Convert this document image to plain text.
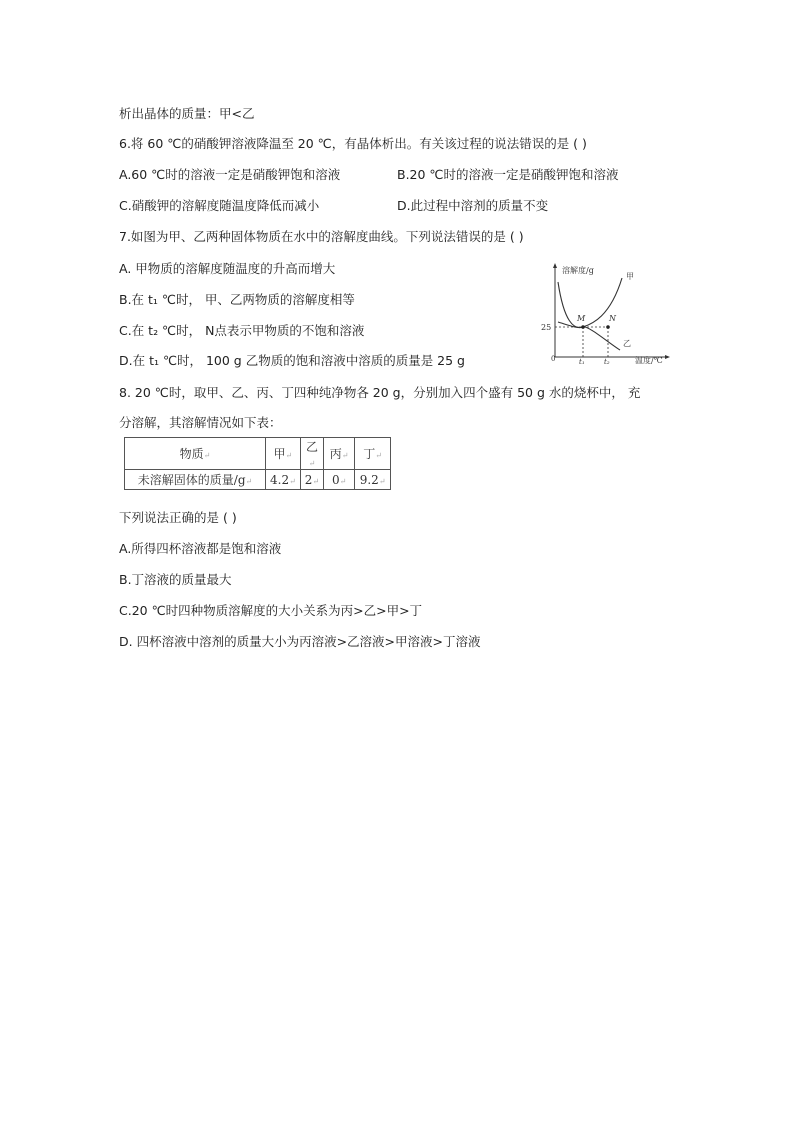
析出晶体的质量：甲<乙
6.将 60 ℃的硝酸钾溶液降温至 20 ℃，有晶体析出。有关该过程的说法错误的是 ( )
A.60 ℃时的溶液一定是硝酸钾饱和溶液	B.20 ℃时的溶液一定是硝酸钾饱和溶液
C.硝酸钾的溶解度随温度降低而减小	D.此过程中溶剂的质量不变
7.如图为甲、乙两种固体物质在水中的溶解度曲线。下列说法错误的是 ( )
A. 甲物质的溶解度随温度的升高而增大
B.在 t₁ ℃时， 甲、乙两物质的溶解度相等
C.在 t₂ ℃时， N点表示甲物质的不饱和溶液
D.在 t₁ ℃时， 100 g 乙物质的饱和溶液中溶质的质量是 25 g
溶解度/g
温度/℃
甲
乙
M	N
25
0	t₁	t₂
8. 20 ℃时，取甲、乙、丙、丁四种纯净物各 20 g，分别加入四个盛有 50 g 水的烧杯中， 充
分溶解，其溶解情况如下表：
物质↵	甲↵	乙↵	丙↵	丁↵
未溶解固体的质量/g↵	4.2↵	2↵	0↵	9.2↵
下列说法正确的是 ( )
A.所得四杯溶液都是饱和溶液
B.丁溶液的质量最大
C.20 ℃时四种物质溶解度的大小关系为丙>乙>甲>丁
D. 四杯溶液中溶剂的质量大小为丙溶液>乙溶液>甲溶液>丁溶液
